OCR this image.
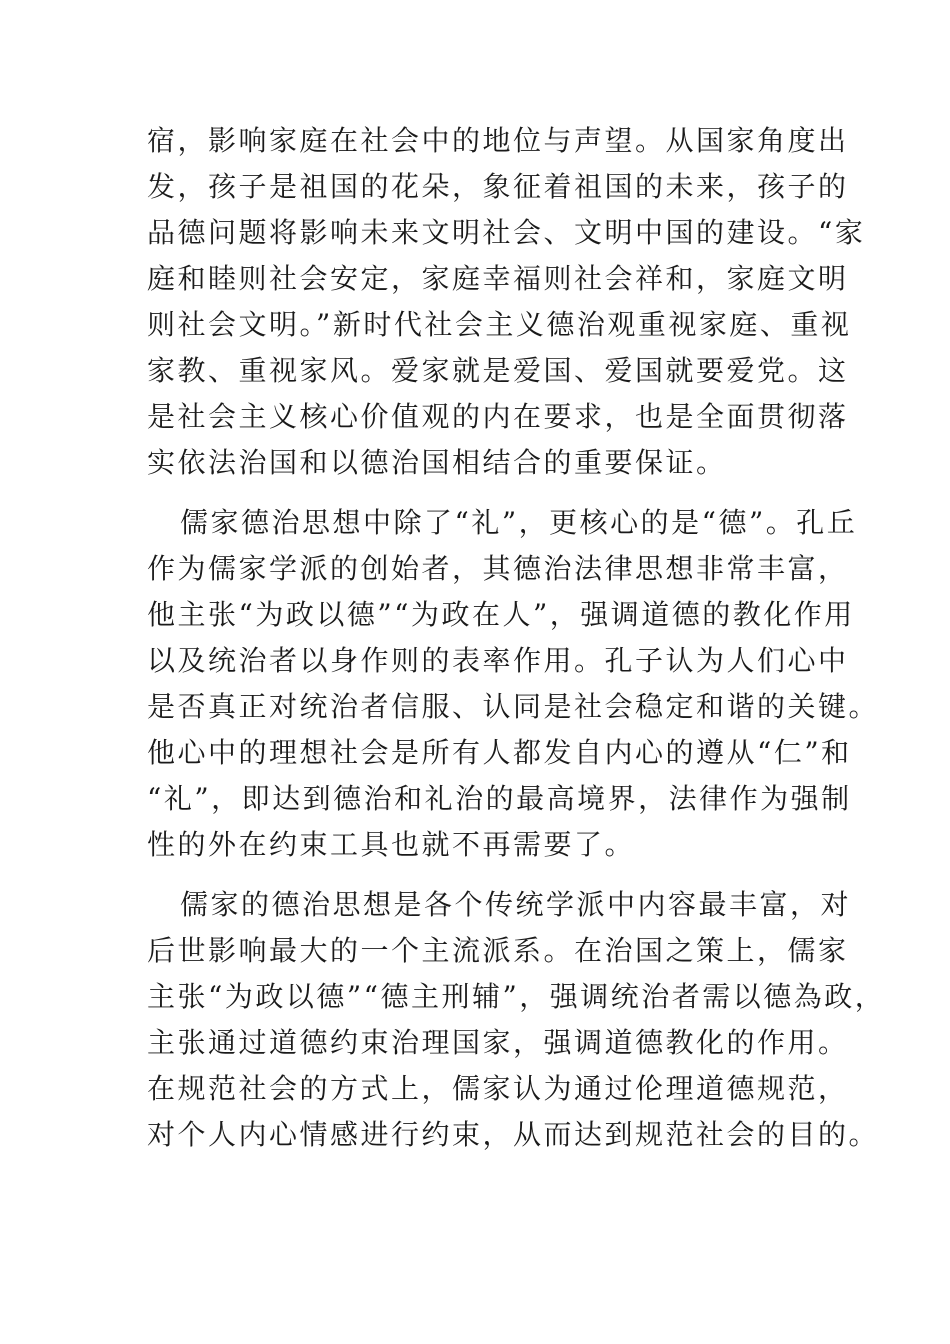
宿，影响家庭在社会中的地位与声望。从国家角度出
发，孩子是祖国的花朵，象征着祖国的未来，孩子的
品德问题将影响未来文明社会、文明中国的建设。“家
庭和睦则社会安定，家庭幸福则社会祥和，家庭文明
则社会文明。”新时代社会主义德治观重视家庭、重视
家教、重视家风。爱家就是爱国、爱国就要爱党。这
是社会主义核心价值观的内在要求，也是全面贯彻落
实依法治国和以德治国相结合的重要保证。
儒家德治思想中除了“礼”，更核心的是“德”。孔丘
作为儒家学派的创始者，其德治法律思想非常丰富，
他主张“为政以德”“为政在人”，强调道德的教化作用
以及统治者以身作则的表率作用。孔子认为人们心中
是否真正对统治者信服、认同是社会稳定和谐的关键。
他心中的理想社会是所有人都发自内心的遵从“仁”和
“礼”，即达到德治和礼治的最高境界，法律作为强制
性的外在约束工具也就不再需要了。
儒家的德治思想是各个传统学派中内容最丰富，对
后世影响最大的一个主流派系。在治国之策上，儒家
主张“为政以德”“德主刑辅”，强调统治者需以德為政，
主张通过道德约束治理国家，强调道德教化的作用。
在规范社会的方式上，儒家认为通过伦理道德规范，
对个人内心情感进行约束，从而达到规范社会的目的。
